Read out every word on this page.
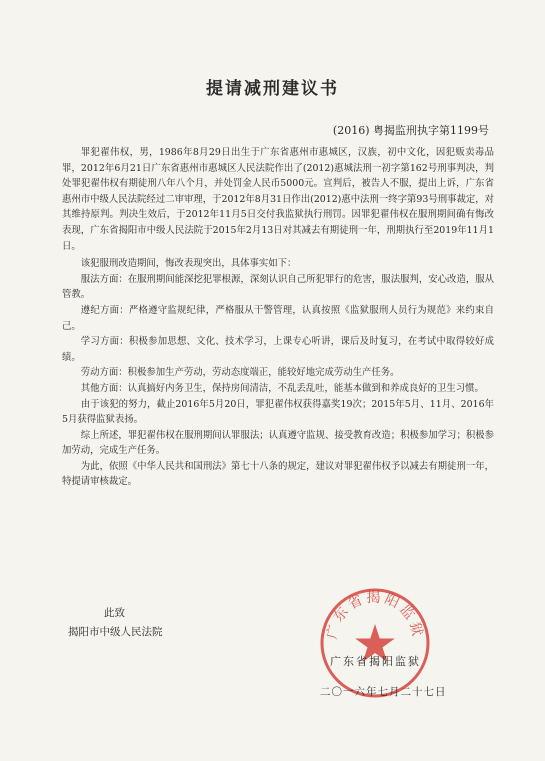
提请减刑建议书
(2016) 粤揭监刑执字第1199号

罪犯翟伟权，男，1986年8月29日出生于广东省惠州市惠城区，汉族，初中文化，因犯贩卖毒品罪，2012年6月21日广东省惠州市惠城区人民法院作出了(2012)惠城法刑一初字第162号刑事判决，判处罪犯翟伟权有期徒刑八年八个月，并处罚金人民币5000元。宣判后，被告人不服，提出上诉，广东省惠州市中级人民法院经过二审审理，于2012年8月31日作出(2012)惠中法刑一终字第93号刑事裁定，对其维持原判。判决生效后，于2012年11月5日交付我监狱执行刑罚。因罪犯翟伟权在服刑期间确有悔改表现，广东省揭阳市中级人民法院于2015年2月13日对其减去有期徒刑一年，刑期执行至2019年11月1日。

该犯服刑改造期间，悔改表现突出，具体事实如下：

服法方面：在服刑期间能深挖犯罪根源，深刻认识自己所犯罪行的危害，服法服判，安心改造，服从管教。

遵纪方面：严格遵守监规纪律，严格服从干警管理，认真按照《监狱服刑人员行为规范》来约束自己。

学习方面：积极参加思想、文化、技术学习，上课专心听讲，课后及时复习，在考试中取得较好成绩。

劳动方面：积极参加生产劳动，劳动态度端正，能较好地完成劳动生产任务。

其他方面：认真搞好内务卫生，保持房间清洁，不乱丢乱吐，能基本做到和养成良好的卫生习惯。

由于该犯的努力，截止2016年5月20日，罪犯翟伟权获得嘉奖19次；2015年5月、11月、2016年5月获得监狱表扬。

综上所述，罪犯翟伟权在服刑期间认罪服法；认真遵守监规、接受教育改造；积极参加学习；积极参加劳动，完成生产任务。

为此，依照《中华人民共和国刑法》第七十八条的规定，建议对罪犯翟伟权予以减去有期徒刑一年，特提请审核裁定。

此致
揭阳市中级人民法院	广东省揭阳监狱
广东省揭阳监狱
二〇一六年七月二十七日
